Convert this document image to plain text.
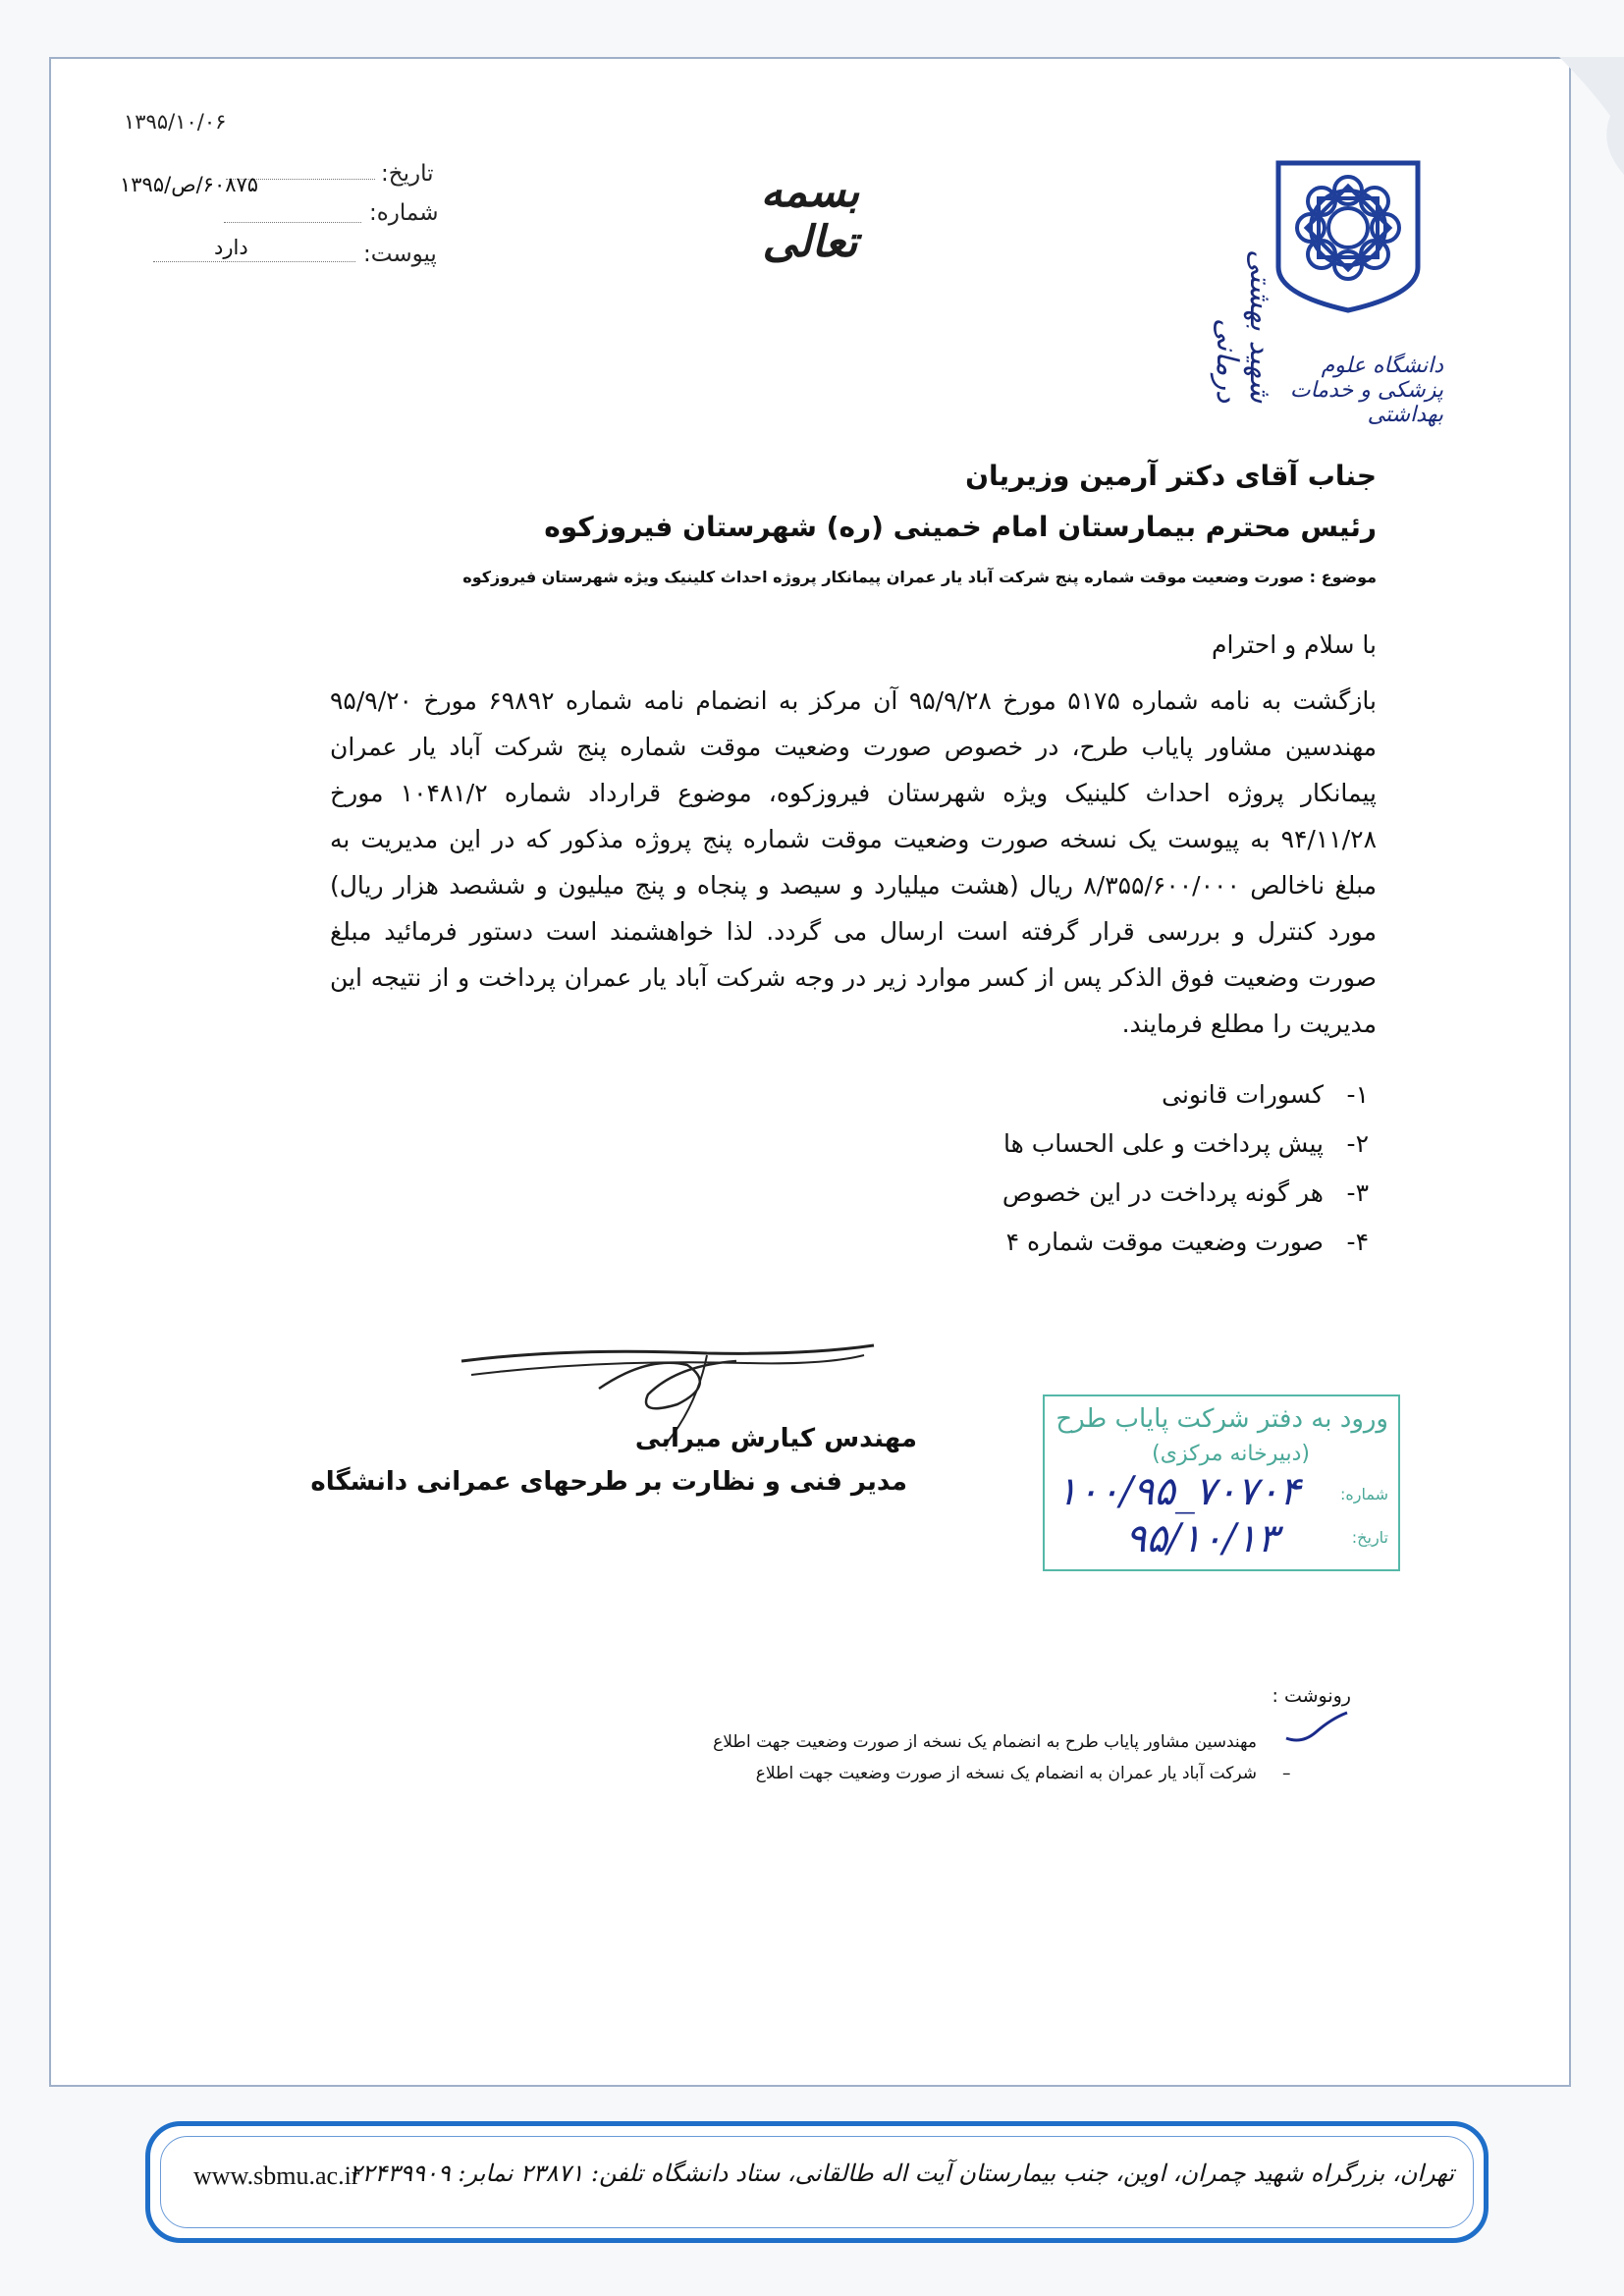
۱۳۹۵/۱۰/۰۶
تاریخ:
۶۰۸۷۵/ص/۱۳۹۵
شماره:
پیوست:
دارد
بسمه تعالی
شهید بهشتی درمانی	دانشگاه علوم پزشکی و خدمات بهداشتی
جناب آقای دکتر آرمین وزیریان
رئیس محترم بیمارستان امام خمینی (ره) شهرستان فیروزکوه
موضوع : صورت وضعیت موقت شماره پنج شرکت آباد یار عمران پیمانکار پروژه احداث کلینیک ویژه شهرستان فیروزکوه
با سلام و احترام
بازگشت به نامه شماره ۵۱۷۵ مورخ ۹۵/۹/۲۸ آن مرکز به انضمام نامه شماره ۶۹۸۹۲ مورخ ۹۵/۹/۲۰ مهندسین مشاور پایاب طرح، در خصوص صورت وضعیت موقت شماره پنج شرکت آباد یار عمران پیمانکار پروژه احداث کلینیک ویژه شهرستان فیروزکوه، موضوع قرارداد شماره ۱۰۴۸۱/۲ مورخ ۹۴/۱۱/۲۸ به پیوست یک نسخه صورت وضعیت موقت شماره پنج پروژه مذکور که در این مدیریت به مبلغ ناخالص ۸/۳۵۵/۶۰۰/۰۰۰ ریال (هشت میلیارد و سیصد و پنجاه و پنج میلیون و ششصد هزار ریال) مورد کنترل و بررسی قرار گرفته است ارسال می گردد. لذا خواهشمند است دستور فرمائید مبلغ صورت وضعیت فوق الذکر پس از کسر موارد زیر در وجه شرکت آباد یار عمران پرداخت و از نتیجه این مدیریت را مطلع فرمایند.
۱-کسورات قانونی
۲-پیش پرداخت و علی الحساب ها
۳-هر گونه پرداخت در این خصوص
۴-صورت وضعیت موقت شماره ۴
مهندس کیارش میرابی
مدیر فنی و نظارت بر طرحهای عمرانی دانشگاه
ورود به دفتر شرکت پایاب طرح
(دبیرخانه مرکزی)
شماره:
تاریخ:
۱۰۰/۹۵_۷۰۷۰۴
۹۵/۱۰/۱۳
رونوشت :
مهندسین مشاور پایاب طرح به انضمام یک نسخه از صورت وضعیت جهت اطلاع
–
شرکت آباد یار عمران به انضمام یک نسخه از صورت وضعیت جهت اطلاع
تهران، بزرگراه شهید چمران، اوین، جنب بیمارستان آیت اله طالقانی، ستاد دانشگاه تلفن: ۲۳۸۷۱ نمابر: ۲۲۴۳۹۹۰۹
www.sbmu.ac.ir
